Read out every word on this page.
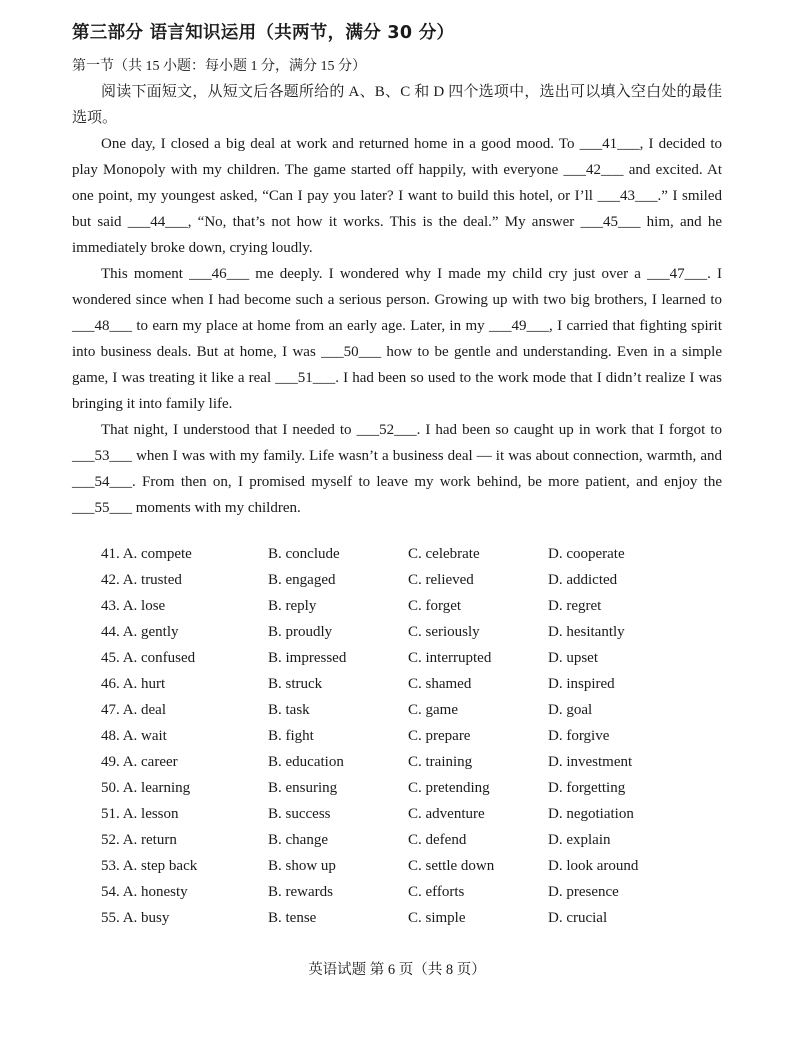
第三部分 语言知识运用（共两节，满分 30 分）
第一节（共 15 小题：每小题 1 分，满分 15 分）

阅读下面短文，从短文后各题所给的 A、B、C 和 D 四个选项中，选出可以填入空白处的最佳选项。

One day, I closed a big deal at work and returned home in a good mood. To ___41___, I decided to play Monopoly with my children. The game started off happily, with everyone ___42___ and excited. At one point, my youngest asked, “Can I pay you later? I want to build this hotel, or I’ll ___43___.” I smiled but said ___44___, “No, that’s not how it works. This is the deal.” My answer ___45___ him, and he immediately broke down, crying loudly.

This moment ___46___ me deeply. I wondered why I made my child cry just over a ___47___. I wondered since when I had become such a serious person. Growing up with two big brothers, I learned to ___48___ to earn my place at home from an early age. Later, in my ___49___, I carried that fighting spirit into business deals. But at home, I was ___50___ how to be gentle and understanding. Even in a simple game, I was treating it like a real ___51___. I had been so used to the work mode that I didn’t realize I was bringing it into family life.

That night, I understood that I needed to ___52___. I had been so caught up in work that I forgot to ___53___ when I was with my family. Life wasn’t a business deal — it was about connection, warmth, and ___54___. From then on, I promised myself to leave my work behind, be more patient, and enjoy the ___55___ moments with my children.

41. A. compete	B. conclude	C. celebrate	D. cooperate
42. A. trusted	B. engaged	C. relieved	D. addicted
43. A. lose	B. reply	C. forget	D. regret
44. A. gently	B. proudly	C. seriously	D. hesitantly
45. A. confused	B. impressed	C. interrupted	D. upset
46. A. hurt	B. struck	C. shamed	D. inspired
47. A. deal	B. task	C. game	D. goal
48. A. wait	B. fight	C. prepare	D. forgive
49. A. career	B. education	C. training	D. investment
50. A. learning	B. ensuring	C. pretending	D. forgetting
51. A. lesson	B. success	C. adventure	D. negotiation
52. A. return	B. change	C. defend	D. explain
53. A. step back	B. show up	C. settle down	D. look around
54. A. honesty	B. rewards	C. efforts	D. presence
55. A. busy	B. tense	C. simple	D. crucial
英语试题 第 6 页（共 8 页）
